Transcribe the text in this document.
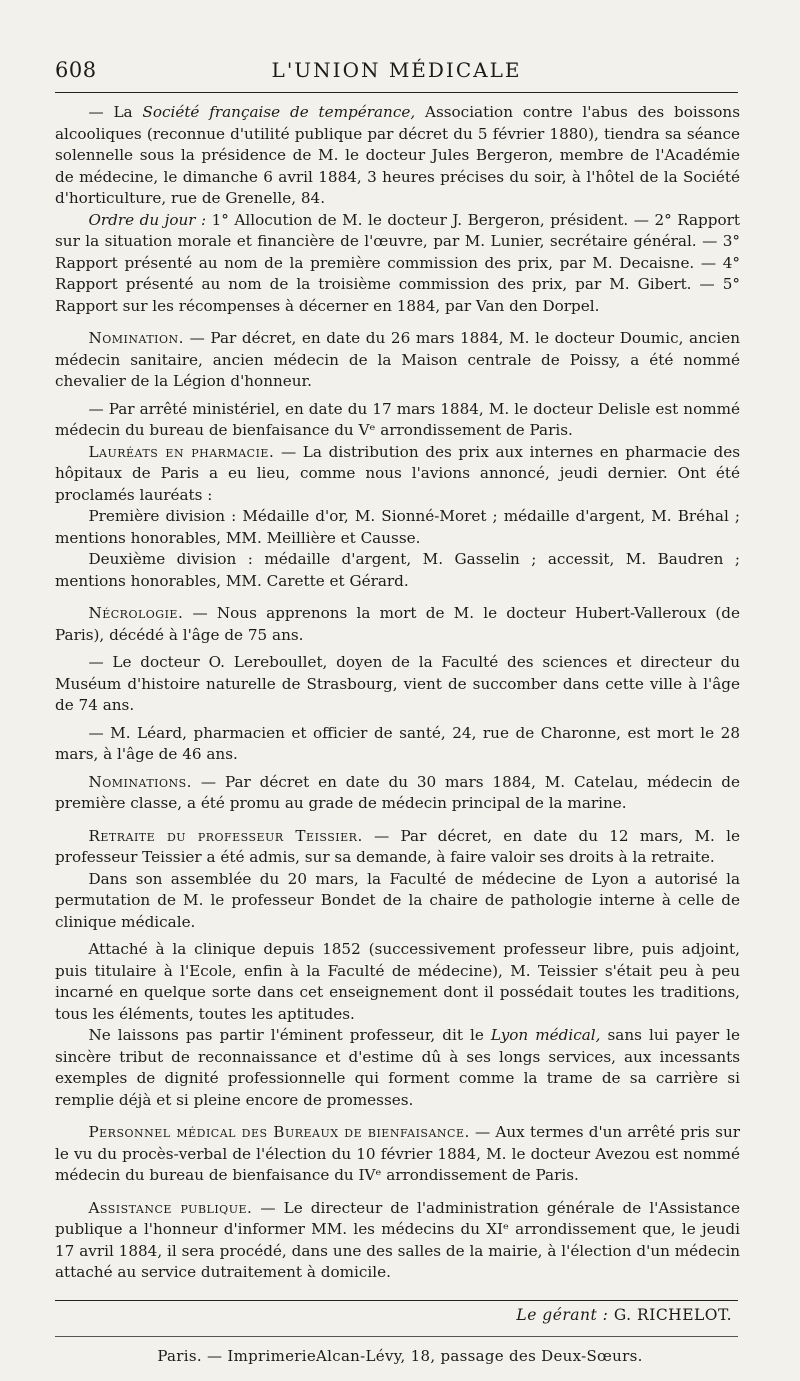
608	L'UNION MÉDICALE

— La Société française de tempérance, Association contre l'abus des boissons alcooliques (reconnue d'utilité publique par décret du 5 février 1880), tiendra sa séance solennelle sous la présidence de M. le docteur Jules Bergeron, membre de l'Académie de médecine, le dimanche 6 avril 1884, 3 heures précises du soir, à l'hôtel de la Société d'horticulture, rue de Grenelle, 84.

Ordre du jour : 1° Allocution de M. le docteur J. Bergeron, président. — 2° Rapport sur la situation morale et financière de l'œuvre, par M. Lunier, secrétaire général. — 3° Rapport présenté au nom de la première commission des prix, par M. Decaisne. — 4° Rapport présenté au nom de la troisième commission des prix, par M. Gibert. — 5° Rapport sur les récompenses à décerner en 1884, par Van den Dorpel.

Nomination. — Par décret, en date du 26 mars 1884, M. le docteur Doumic, ancien médecin sanitaire, ancien médecin de la Maison centrale de Poissy, a été nommé chevalier de la Légion d'honneur.

— Par arrêté ministériel, en date du 17 mars 1884, M. le docteur Delisle est nommé médecin du bureau de bienfaisance du Vᵉ arrondissement de Paris.

Lauréats en pharmacie. — La distribution des prix aux internes en pharmacie des hôpitaux de Paris a eu lieu, comme nous l'avions annoncé, jeudi dernier. Ont été proclamés lauréats :

Première division : Médaille d'or, M. Sionné-Moret ; médaille d'argent, M. Bréhal ; mentions honorables, MM. Meillière et Causse.

Deuxième division : médaille d'argent, M. Gasselin ; accessit, M. Baudren ; mentions honorables, MM. Carette et Gérard.

Nécrologie. — Nous apprenons la mort de M. le docteur Hubert-Valleroux (de Paris), décédé à l'âge de 75 ans.

— Le docteur O. Lereboullet, doyen de la Faculté des sciences et directeur du Muséum d'histoire naturelle de Strasbourg, vient de succomber dans cette ville à l'âge de 74 ans.

— M. Léard, pharmacien et officier de santé, 24, rue de Charonne, est mort le 28 mars, à l'âge de 46 ans.

Nominations. — Par décret en date du 30 mars 1884, M. Catelau, médecin de première classe, a été promu au grade de médecin principal de la marine.

Retraite du professeur Teissier. — Par décret, en date du 12 mars, M. le professeur Teissier a été admis, sur sa demande, à faire valoir ses droits à la retraite.

Dans son assemblée du 20 mars, la Faculté de médecine de Lyon a autorisé la permutation de M. le professeur Bondet de la chaire de pathologie interne à celle de clinique médicale.

Attaché à la clinique depuis 1852 (successivement professeur libre, puis adjoint, puis titulaire à l'Ecole, enfin à la Faculté de médecine), M. Teissier s'était peu à peu incarné en quelque sorte dans cet enseignement dont il possédait toutes les traditions, tous les éléments, toutes les aptitudes.

Ne laissons pas partir l'éminent professeur, dit le Lyon médical, sans lui payer le sincère tribut de reconnaissance et d'estime dû à ses longs services, aux incessants exemples de dignité professionnelle qui forment comme la trame de sa carrière si remplie déjà et si pleine encore de promesses.

Personnel médical des Bureaux de bienfaisance. — Aux termes d'un arrêté pris sur le vu du procès-verbal de l'élection du 10 février 1884, M. le docteur Avezou est nommé médecin du bureau de bienfaisance du IVᵉ arrondissement de Paris.

Assistance publique. — Le directeur de l'administration générale de l'Assistance publique a l'honneur d'informer MM. les médecins du XIᵉ arrondissement que, le jeudi 17 avril 1884, il sera procédé, dans une des salles de la mairie, à l'élection d'un médecin attaché au service dutraitement à domicile.

Le gérant : G. RICHELOT.
Paris. — ImprimerieAlcan-Lévy, 18, passage des Deux-Sœurs.
